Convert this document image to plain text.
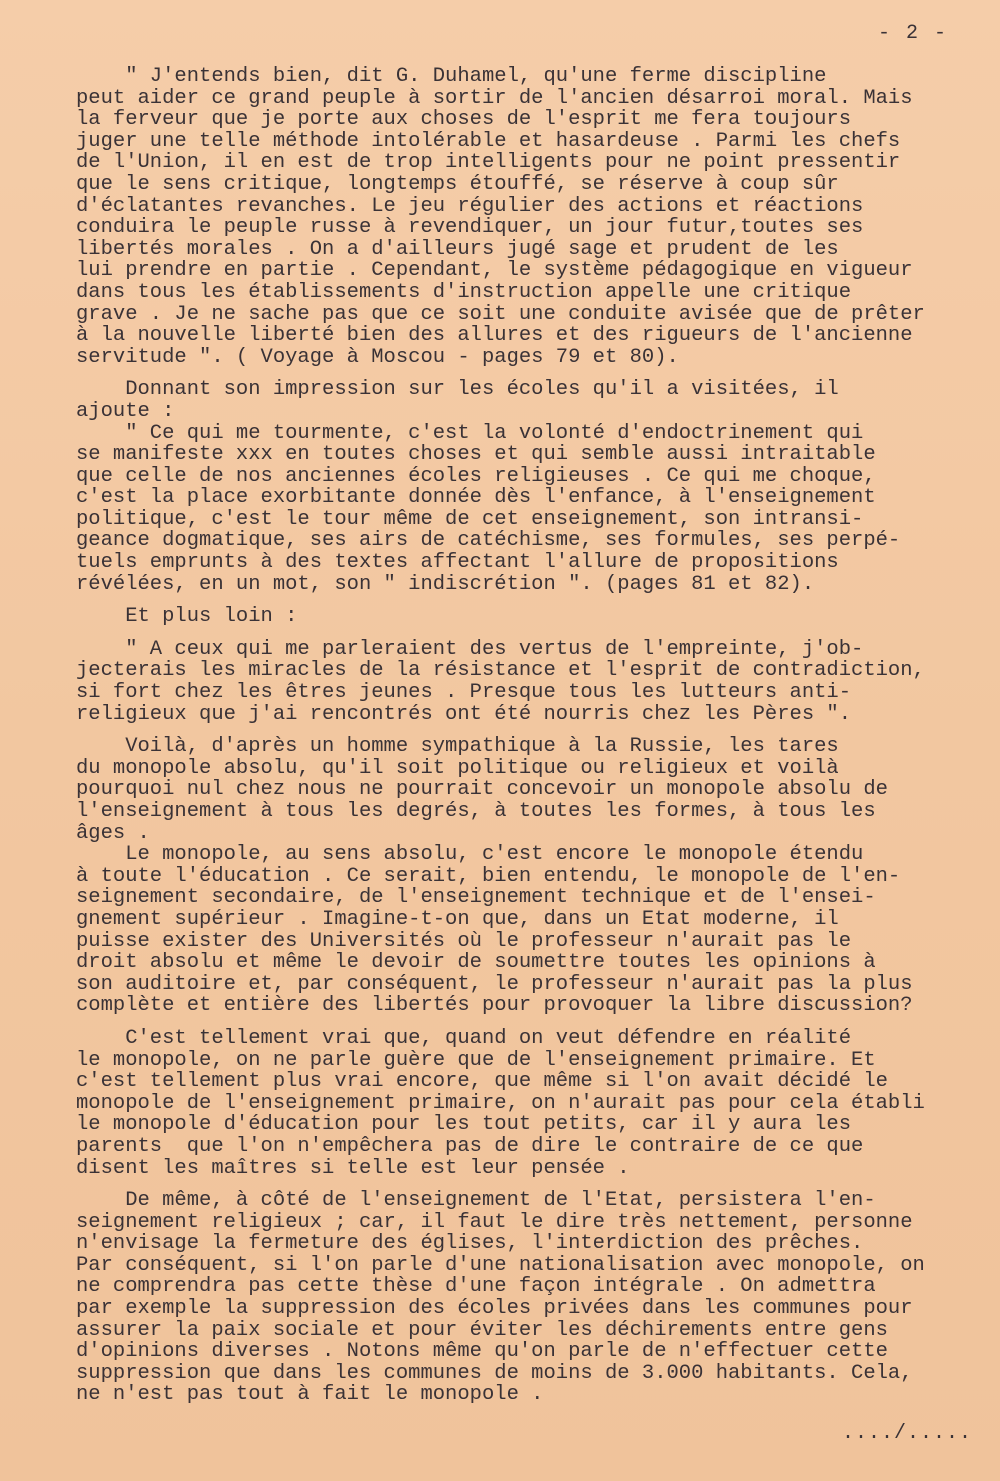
- 2 -
" J'entends bien, dit G. Duhamel, qu'une ferme discipline
peut aider ce grand peuple à sortir de l'ancien désarroi moral. Mais
la ferveur que je porte aux choses de l'esprit me fera toujours
juger une telle méthode intolérable et hasardeuse . Parmi les chefs
de l'Union, il en est de trop intelligents pour ne point pressentir
que le sens critique, longtemps étouffé, se réserve à coup sûr
d'éclatantes revanches. Le jeu régulier des actions et réactions
conduira le peuple russe à revendiquer, un jour futur,toutes ses
libertés morales . On a d'ailleurs jugé sage et prudent de les
lui prendre en partie . Cependant, le système pédagogique en vigueur
dans tous les établissements d'instruction appelle une critique
grave . Je ne sache pas que ce soit une conduite avisée que de prêter
à la nouvelle liberté bien des allures et des rigueurs de l'ancienne
servitude ". ( Voyage à Moscou - pages 79 et 80).
Donnant son impression sur les écoles qu'il a visitées, il
ajoute :
" Ce qui me tourmente, c'est la volonté d'endoctrinement qui
se manifeste xxx en toutes choses et qui semble aussi intraitable
que celle de nos anciennes écoles religieuses . Ce qui me choque,
c'est la place exorbitante donnée dès l'enfance, à l'enseignement
politique, c'est le tour même de cet enseignement, son intransi-
geance dogmatique, ses airs de catéchisme, ses formules, ses perpé-
tuels emprunts à des textes affectant l'allure de propositions
révélées, en un mot, son " indiscrétion ". (pages 81 et 82).
Et plus loin :
" A ceux qui me parleraient des vertus de l'empreinte, j'ob-
jecterais les miracles de la résistance et l'esprit de contradiction,
si fort chez les êtres jeunes . Presque tous les lutteurs anti-
religieux que j'ai rencontrés ont été nourris chez les Pères ".
Voilà, d'après un homme sympathique à la Russie, les tares
du monopole absolu, qu'il soit politique ou religieux et voilà
pourquoi nul chez nous ne pourrait concevoir un monopole absolu de
l'enseignement à tous les degrés, à toutes les formes, à tous les
âges .
Le monopole, au sens absolu, c'est encore le monopole étendu
à toute l'éducation . Ce serait, bien entendu, le monopole de l'en-
seignement secondaire, de l'enseignement technique et de l'ensei-
gnement supérieur . Imagine-t-on que, dans un Etat moderne, il
puisse exister des Universités où le professeur n'aurait pas le
droit absolu et même le devoir de soumettre toutes les opinions à
son auditoire et, par conséquent, le professeur n'aurait pas la plus
complète et entière des libertés pour provoquer la libre discussion?
C'est tellement vrai que, quand on veut défendre en réalité
le monopole, on ne parle guère que de l'enseignement primaire. Et
c'est tellement plus vrai encore, que même si l'on avait décidé le
monopole de l'enseignement primaire, on n'aurait pas pour cela établi
le monopole d'éducation pour les tout petits, car il y aura les
parents  que l'on n'empêchera pas de dire le contraire de ce que
disent les maîtres si telle est leur pensée .
De même, à côté de l'enseignement de l'Etat, persistera l'en-
seignement religieux ; car, il faut le dire très nettement, personne
n'envisage la fermeture des églises, l'interdiction des prêches.
Par conséquent, si l'on parle d'une nationalisation avec monopole, on
ne comprendra pas cette thèse d'une façon intégrale . On admettra
par exemple la suppression des écoles privées dans les communes pour
assurer la paix sociale et pour éviter les déchirements entre gens
d'opinions diverses . Notons même qu'on parle de n'effectuer cette
suppression que dans les communes de moins de 3.000 habitants. Cela,
ne n'est pas tout à fait le monopole .
..../.....
